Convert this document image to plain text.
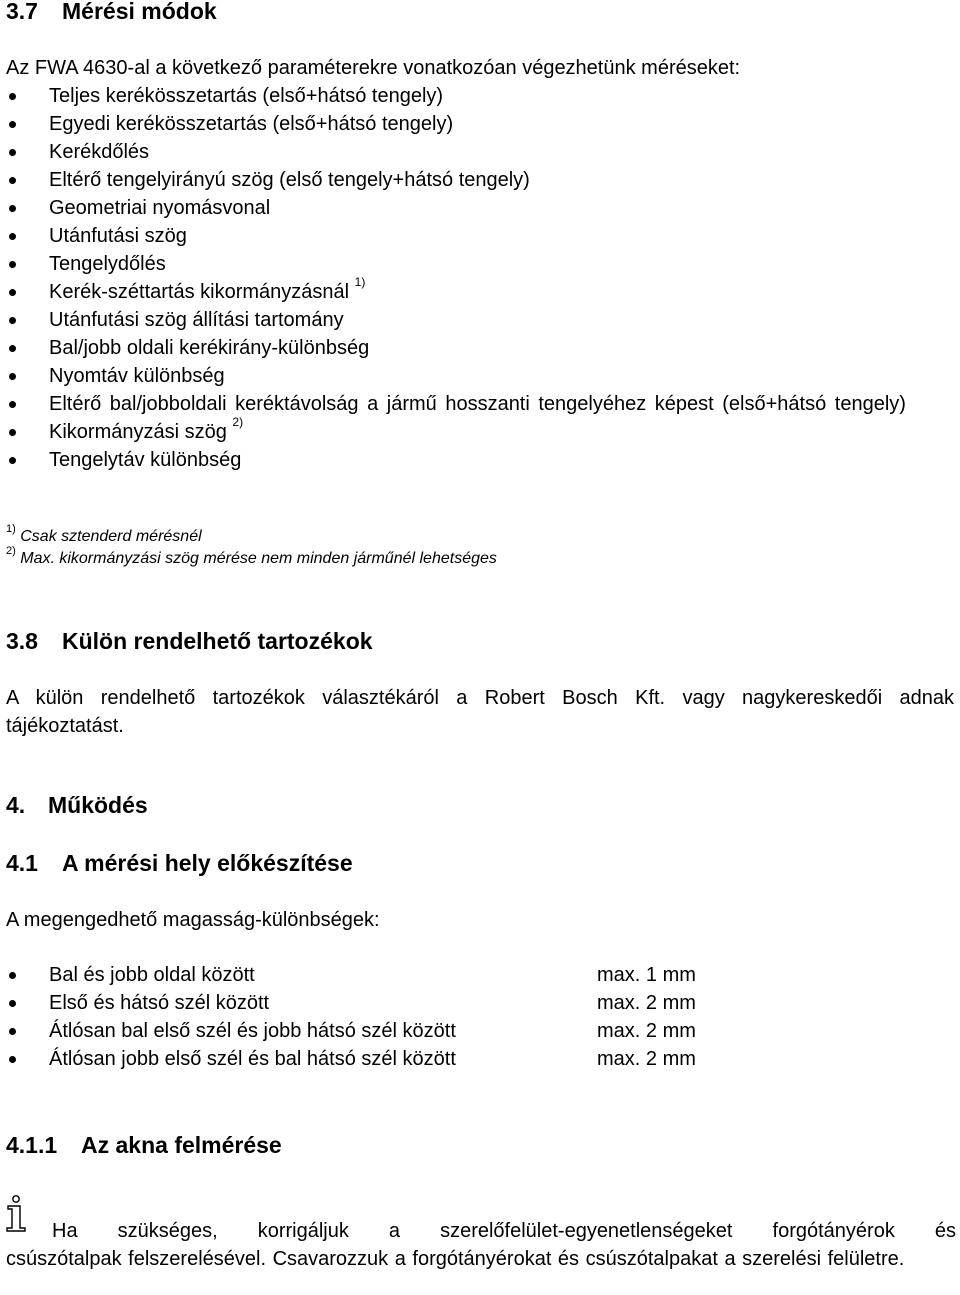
3.7 Mérési módok

Az FWA 4630-al a következő paraméterekre vonatkozóan végezhetünk méréseket:

Teljes kerékösszetartás (első+hátsó tengely)
Egyedi kerékösszetartás (első+hátsó tengely)
Kerékdőlés
Eltérő tengelyirányú szög (első tengely+hátsó tengely)
Geometriai nyomásvonal
Utánfutási szög
Tengelydőlés
Kerék-széttartás kikormányzásnál $^{1)}$
Utánfutási szög állítási tartomány
Bal/jobb oldali kerékirány-különbség
Nyomtáv különbség
Eltérő bal/jobboldali keréktávolság a jármű hosszanti tengelyéhez képest (első+hátsó tengely)
Kikormányzási szög $^{2)}$
Tengelytáv különbség
$^{1)}$ Csak sztenderd mérésnél
$^{2)}$ Max. kikormányzási szög mérése nem minden járműnél lehetséges
3.8 Külön rendelhető tartozékok

A külön rendelhető tartozékok választékáról a Robert Bosch Kft. vagy nagykereskedői adnak tájékoztatást.

4. Működés
4.1 A mérési hely előkészítése

A megengedhető magasság-különbségek:

Bal és jobb oldal között	max. 1 mm
Első és hátsó szél között	max. 2 mm
Átlósan bal első szél és jobb hátsó szél között	max. 2 mm
Átlósan jobb első szél és bal hátsó szél között	max. 2 mm
4.1.1 Az akna felmérése
Ha szükséges, korrigáljuk a szerelőfelület-egyenetlenségeket forgótányérok és

csúszótalpak felszerelésével. Csavarozzuk a forgótányérokat és csúszótalpakat a szerelési felületre.
